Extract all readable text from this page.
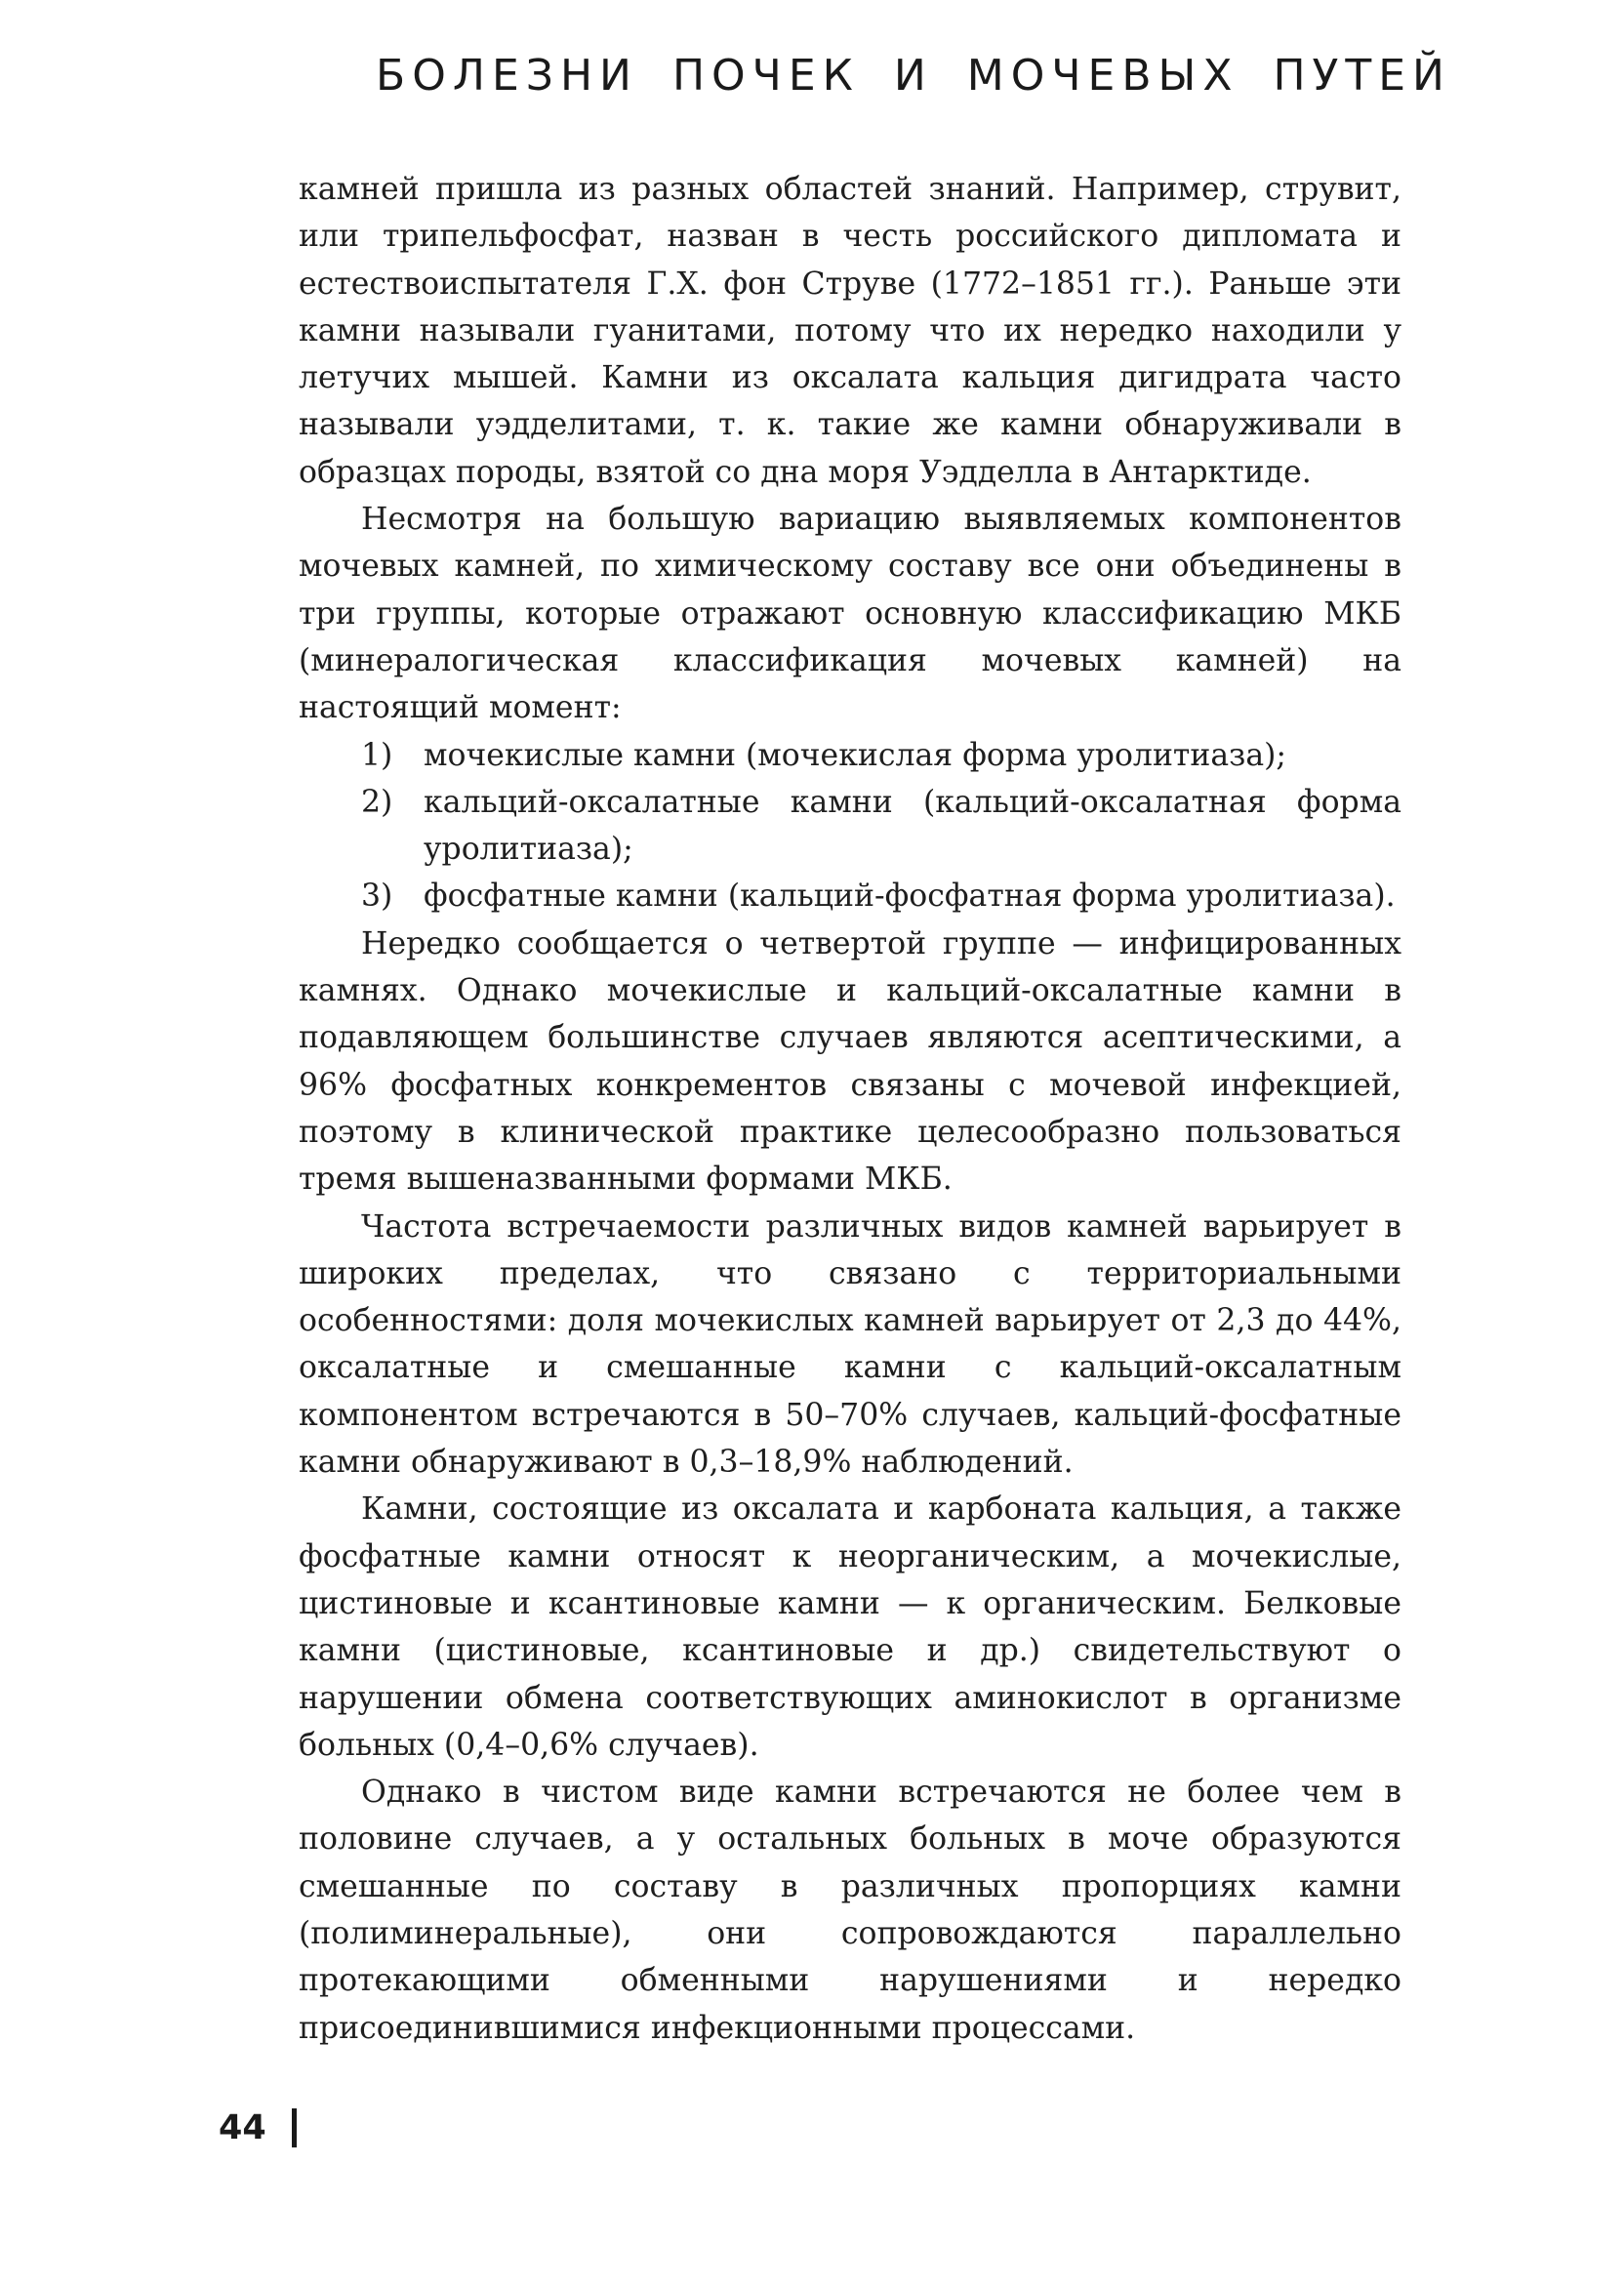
БОЛЕЗНИ ПОЧЕК И МОЧЕВЫХ ПУТЕЙ

камней пришла из разных областей знаний. Например, струвит, или трипельфосфат, назван в честь российского дипломата и естествоиспытателя Г.Х. фон Струве (1772–1851 гг.). Раньше эти камни называли гуанитами, потому что их нередко находили у летучих мышей. Камни из оксалата кальция дигидрата часто называли уэдделитами, т. к. такие же камни обнаруживали в образцах породы, взятой со дна моря Уэдделла в Антарктиде.

Несмотря на большую вариацию выявляемых компонентов мочевых камней, по химическому составу все они объединены в три группы, которые отражают основную классификацию МКБ (минералогическая классификация мочевых камней) на настоящий момент:

1) мочекислые камни (мочекислая форма уролитиаза);
2) кальций-оксалатные камни (кальций-оксалатная форма уролитиаза);
3) фосфатные камни (кальций-фосфатная форма уролитиаза).

Нередко сообщается о четвертой группе — инфицированных камнях. Однако мочекислые и кальций-оксалатные камни в подавляющем большинстве случаев являются асептическими, а 96% фосфатных конкрементов связаны с мочевой инфекцией, поэтому в клинической практике целесообразно пользоваться тремя вышеназванными формами МКБ.

Частота встречаемости различных видов камней варьирует в широких пределах, что связано с территориальными особенностями: доля мочекислых камней варьирует от 2,3 до 44%, оксалатные и смешанные камни с кальций-оксалатным компонентом встречаются в 50–70% случаев, кальций-фосфатные камни обнаруживают в 0,3–18,9% наблюдений.

Камни, состоящие из оксалата и карбоната кальция, а также фосфатные камни относят к неорганическим, а мочекислые, цистиновые и ксантиновые камни — к органическим. Белковые камни (цистиновые, ксантиновые и др.) свидетельствуют о нарушении обмена соответствующих аминокислот в организме больных (0,4–0,6% случаев).

Однако в чистом виде камни встречаются не более чем в половине случаев, а у остальных больных в моче образуются смешанные по составу в различных пропорциях камни (полиминеральные), они сопровождаются параллельно протекающими обменными нарушениями и нередко присоединившимися инфекционными процессами.

44
